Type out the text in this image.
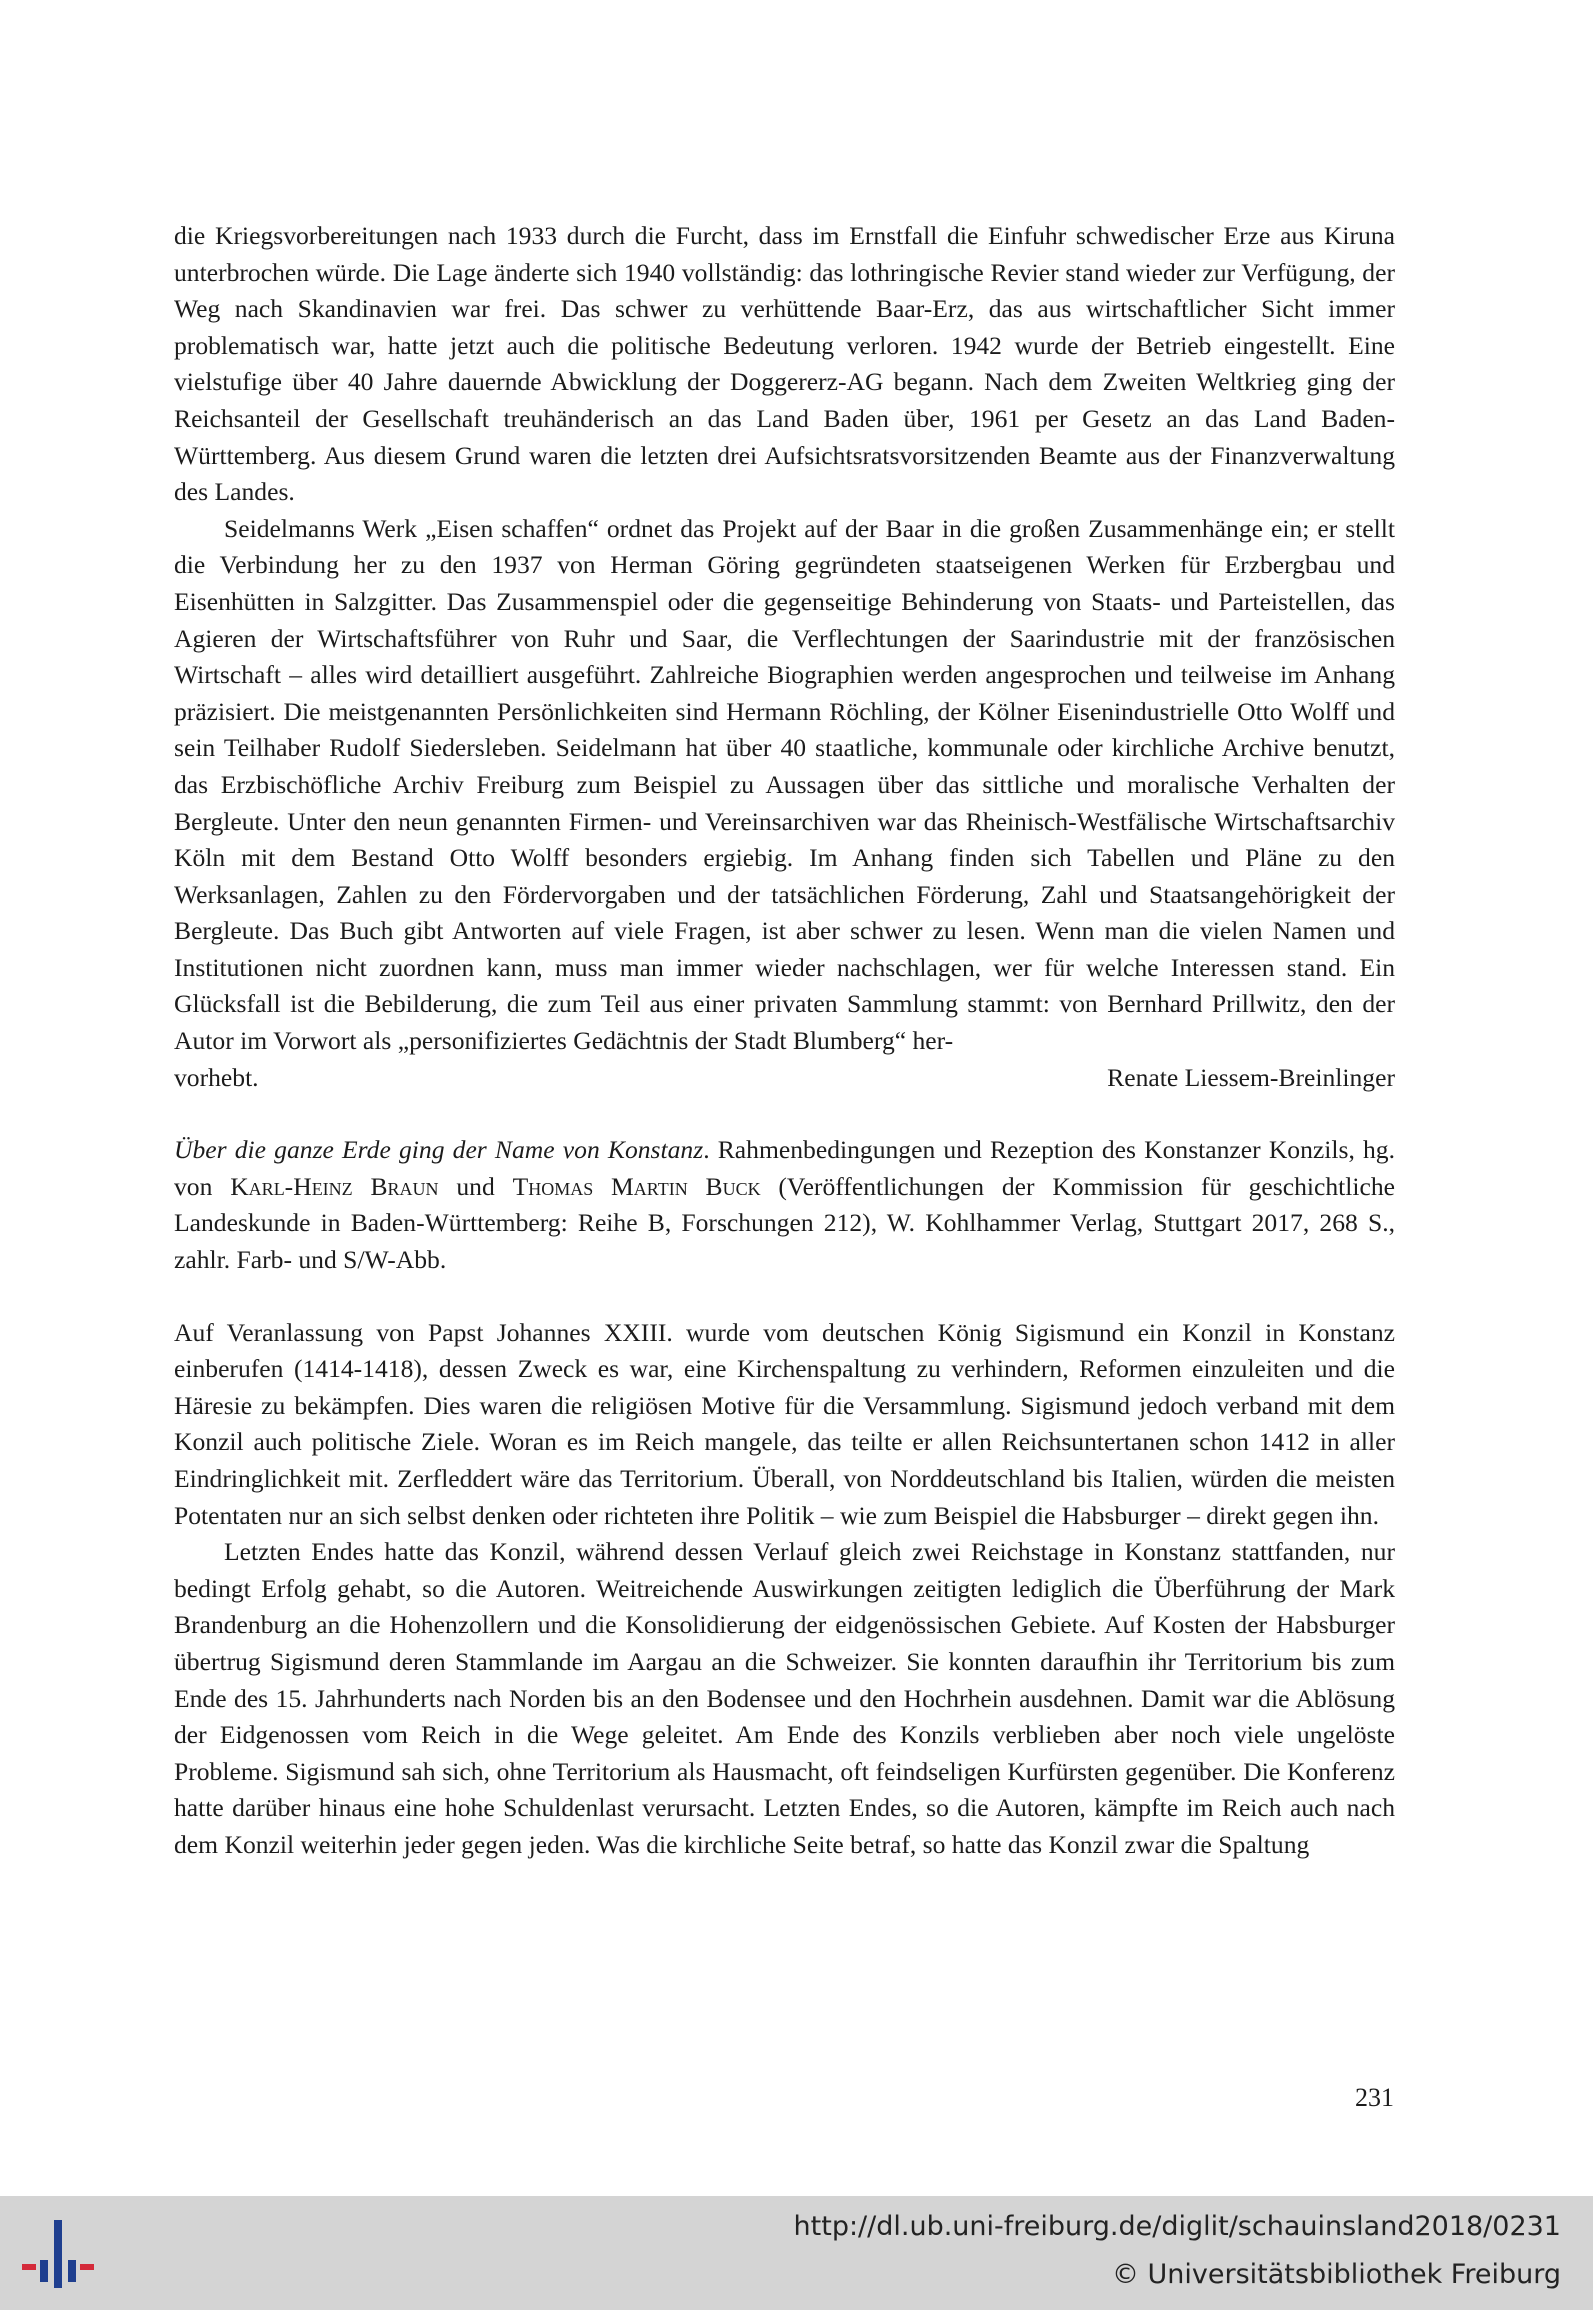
die Kriegsvorbereitungen nach 1933 durch die Furcht, dass im Ernstfall die Einfuhr schwedischer Erze aus Kiruna unterbrochen würde. Die Lage änderte sich 1940 vollständig: das lothringische Revier stand wieder zur Verfügung, der Weg nach Skandinavien war frei. Das schwer zu verhüttende Baar-Erz, das aus wirtschaftlicher Sicht immer problematisch war, hatte jetzt auch die politische Bedeutung verloren. 1942 wurde der Betrieb eingestellt. Eine vielstufige über 40 Jahre dauernde Abwicklung der Doggererz-AG begann. Nach dem Zweiten Weltkrieg ging der Reichsanteil der Gesellschaft treuhänderisch an das Land Baden über, 1961 per Gesetz an das Land Baden-Württemberg. Aus diesem Grund waren die letzten drei Aufsichtsratsvorsitzenden Beamte aus der Finanzverwaltung des Landes.

Seidelmanns Werk „Eisen schaffen“ ordnet das Projekt auf der Baar in die großen Zusammenhänge ein; er stellt die Verbindung her zu den 1937 von Herman Göring gegründeten staatseigenen Werken für Erzbergbau und Eisenhütten in Salzgitter. Das Zusammenspiel oder die gegenseitige Behinderung von Staats- und Parteistellen, das Agieren der Wirtschaftsführer von Ruhr und Saar, die Verflechtungen der Saarindustrie mit der französischen Wirtschaft – alles wird detailliert ausgeführt. Zahlreiche Biographien werden angesprochen und teilweise im Anhang präzisiert. Die meistgenannten Persönlichkeiten sind Hermann Röchling, der Kölner Eisenindustrielle Otto Wolff und sein Teilhaber Rudolf Siedersleben. Seidelmann hat über 40 staatliche, kommunale oder kirchliche Archive benutzt, das Erzbischöfliche Archiv Freiburg zum Beispiel zu Aussagen über das sittliche und moralische Verhalten der Bergleute. Unter den neun genannten Firmen- und Vereinsarchiven war das Rheinisch-Westfälische Wirtschaftsarchiv Köln mit dem Bestand Otto Wolff besonders ergiebig. Im Anhang finden sich Tabellen und Pläne zu den Werksanlagen, Zahlen zu den Fördervorgaben und der tatsächlichen Förderung, Zahl und Staatsangehörigkeit der Bergleute. Das Buch gibt Antworten auf viele Fragen, ist aber schwer zu lesen. Wenn man die vielen Namen und Institutionen nicht zuordnen kann, muss man immer wieder nachschlagen, wer für welche Interessen stand. Ein Glücksfall ist die Bebilderung, die zum Teil aus einer privaten Sammlung stammt: von Bernhard Prillwitz, den der Autor im Vorwort als „personifiziertes Gedächtnis der Stadt Blumberg“ her-

vorhebt.	Renate Liessem-Breinlinger

Über die ganze Erde ging der Name von Konstanz. Rahmenbedingungen und Rezeption des Konstanzer Konzils, hg. von Karl-Heinz Braun und Thomas Martin Buck (Veröffentlichungen der Kommission für geschichtliche Landeskunde in Baden-Württemberg: Reihe B, Forschungen 212), W. Kohlhammer Verlag, Stuttgart 2017, 268 S., zahlr. Farb- und S/W-Abb.

Auf Veranlassung von Papst Johannes XXIII. wurde vom deutschen König Sigismund ein Konzil in Konstanz einberufen (1414-1418), dessen Zweck es war, eine Kirchenspaltung zu verhindern, Reformen einzuleiten und die Häresie zu bekämpfen. Dies waren die religiösen Motive für die Versammlung. Sigismund jedoch verband mit dem Konzil auch politische Ziele. Woran es im Reich mangele, das teilte er allen Reichsuntertanen schon 1412 in aller Eindringlichkeit mit. Zerfleddert wäre das Territorium. Überall, von Norddeutschland bis Italien, würden die meisten Potentaten nur an sich selbst denken oder richteten ihre Politik – wie zum Beispiel die Habsburger – direkt gegen ihn.

Letzten Endes hatte das Konzil, während dessen Verlauf gleich zwei Reichstage in Konstanz stattfanden, nur bedingt Erfolg gehabt, so die Autoren. Weitreichende Auswirkungen zeitigten lediglich die Überführung der Mark Brandenburg an die Hohenzollern und die Konsolidierung der eidgenössischen Gebiete. Auf Kosten der Habsburger übertrug Sigismund deren Stammlande im Aargau an die Schweizer. Sie konnten daraufhin ihr Territorium bis zum Ende des 15. Jahrhunderts nach Norden bis an den Bodensee und den Hochrhein ausdehnen. Damit war die Ablösung der Eidgenossen vom Reich in die Wege geleitet. Am Ende des Konzils verblieben aber noch viele ungelöste Probleme. Sigismund sah sich, ohne Territorium als Hausmacht, oft feindseligen Kurfürsten gegenüber. Die Konferenz hatte darüber hinaus eine hohe Schuldenlast verursacht. Letzten Endes, so die Autoren, kämpfte im Reich auch nach dem Konzil weiterhin jeder gegen jeden. Was die kirchliche Seite betraf, so hatte das Konzil zwar die Spaltung

231
http://dl.ub.uni-freiburg.de/diglit/schauinsland2018/0231
© Universitätsbibliothek Freiburg
